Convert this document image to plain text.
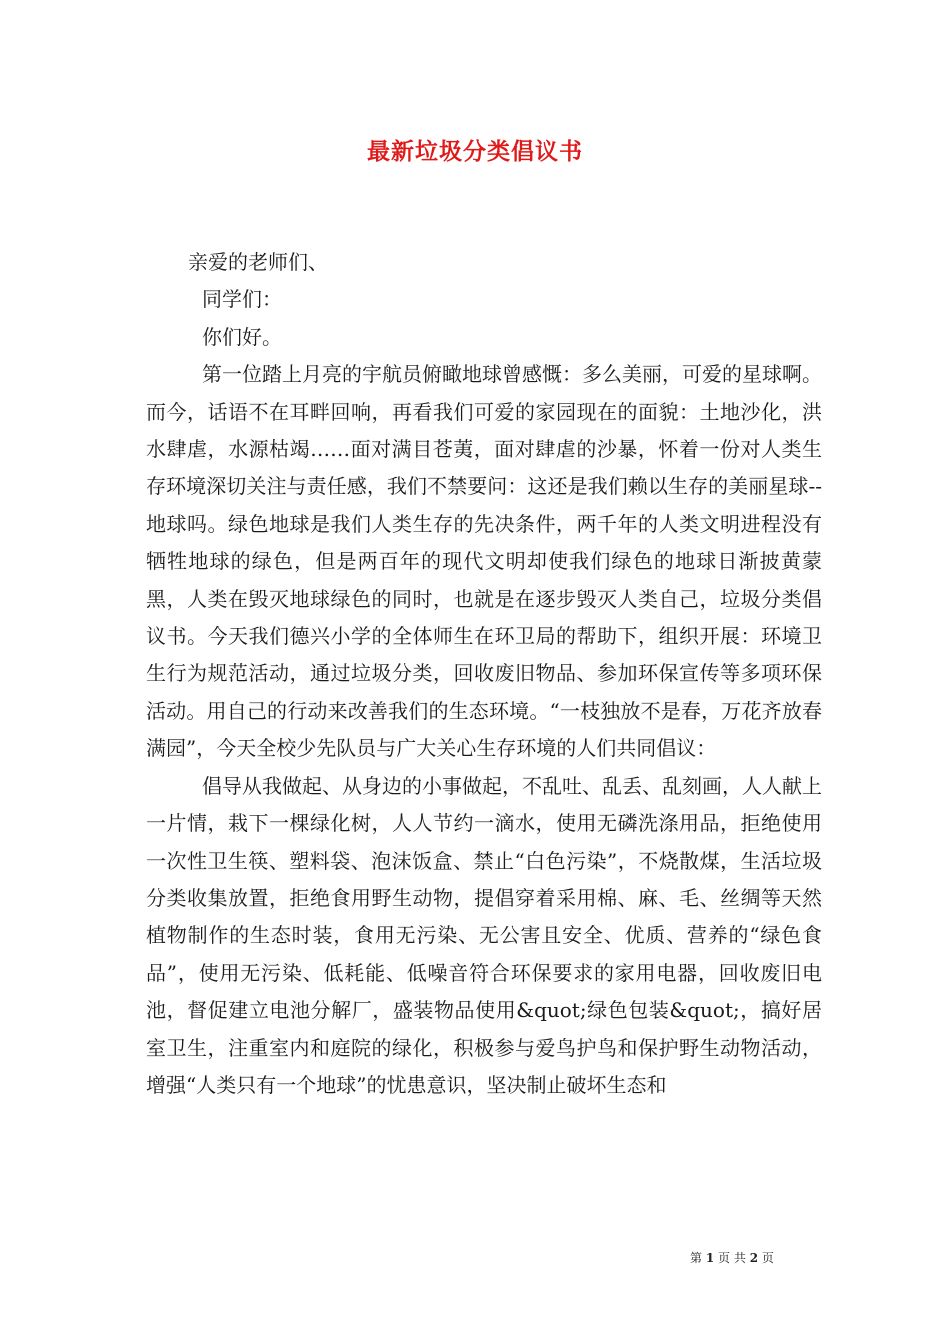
最新垃圾分类倡议书

亲爱的老师们、

同学们：

你们好。

第一位踏上月亮的宇航员俯瞰地球曾感慨：多么美丽，可爱的星球啊。而今，话语不在耳畔回响，再看我们可爱的家园现在的面貌：土地沙化，洪水肆虐，水源枯竭……面对满目苍荑，面对肆虐的沙暴，怀着一份对人类生存环境深切关注与责任感，我们不禁要问：这还是我们赖以生存的美丽星球--地球吗。绿色地球是我们人类生存的先决条件，两千年的人类文明进程没有牺牲地球的绿色，但是两百年的现代文明却使我们绿色的地球日渐披黄蒙黑，人类在毁灭地球绿色的同时，也就是在逐步毁灭人类自己，垃圾分类倡议书。今天我们德兴小学的全体师生在环卫局的帮助下，组织开展：环境卫生行为规范活动，通过垃圾分类，回收废旧物品、参加环保宣传等多项环保活动。用自己的行动来改善我们的生态环境。“一枝独放不是春，万花齐放春满园”，今天全校少先队员与广大关心生存环境的人们共同倡议：

倡导从我做起、从身边的小事做起，不乱吐、乱丢、乱刻画，人人献上一片情，栽下一棵绿化树，人人节约一滴水，使用无磷洗涤用品，拒绝使用一次性卫生筷、塑料袋、泡沫饭盒、禁止“白色污染”，不烧散煤，生活垃圾分类收集放置，拒绝食用野生动物，提倡穿着采用棉、麻、毛、丝绸等天然植物制作的生态时装，食用无污染、无公害且安全、优质、营养的“绿色食品”，使用无污染、低耗能、低噪音符合环保要求的家用电器，回收废旧电池，督促建立电池分解厂，盛装物品使用&quot;绿色包装&quot;，搞好居室卫生，注重室内和庭院的绿化，积极参与爱鸟护鸟和保护野生动物活动，增强“人类只有一个地球”的忧患意识，坚决制止破坏生态和

第 1 页 共 2 页
